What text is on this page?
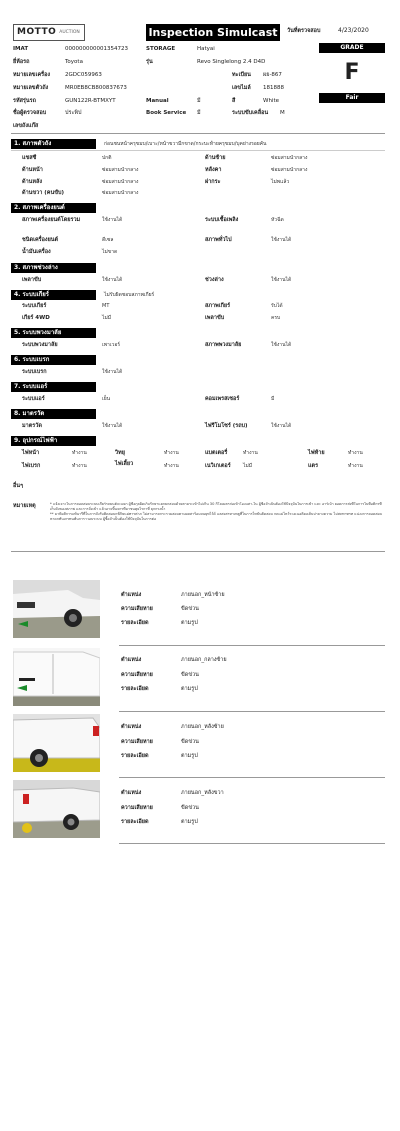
MOTTO AUCTION	Inspection Simulcast	วันที่ตรวจสอบ	4/23/2020
GRADE
F
Fair
IMAT	000000000001354723	STORAGE	Hatyai
ยี่ห้อรถ	Toyota	รุ่น	Revo Singlelong 2.4 D4D
หมายเลขเครื่อง	2GDC059963	ทะเบียน ผย-867
หมายเลขตัวถัง	MR0EB8CB800837673	เลขไมล์ 181888
รหัสรุ่นรถ	GUN122R-BTMXYT	Manual	มี	สี	White
ชื่อผู้ตรวจสอบ	ประพิป	Book Service มี	ระบบขับเคลื่อน M
เลขถังแก๊ส
1. สภาพตัวถัง	ก่อนชนหน้าครุขมบ/เบาะ/หน้าขวามีกขาด/กระบะท้ายครุขมบ/บุคย่างรอยคัน
แชสซี	ปกติ	ด้านซ้าย	ซ่อมสามนำกลาง
ด้านหน้า	ซ่อมสามนำกลาง	หลังคา	ซ่อมสามนำกลาง
ด้านหลัง	ซ่อมสามนำกลาง	ฝากระ	ไม่พแล้ว
ด้านขวา (คนขับ)	ซ่อมสามนำกลาง
2. สภาพเครื่องยนต์
สภาพเครื่องยนต์โดยรวม	ใช้งานได้	ระบบเชื้อเพลิง	หัวฉีด
ชนิดเครื่องยนต์	ดีเซล	สภาพทั่วไป	ใช้งานได้
น้ำมันเครื่อง	ไม่ขาด
3. สภาพช่วงล่าง
เพลาขับ	ใช้งานได้	ช่วงล่าง	ใช้งานได้
4. ระบบเกียร์	ไม่รับผิดชอบสภาพเกียร์
ระบบเกียร์	MT	สภาพเกียร์	รับได้
เกียร์ 4WD	ไม่มี	เพลาขับ	ครบ
5. ระบบพวงมาลัย
ระบบพวงมาลัย	เพาเวอร์	สภาพพวงมาลัย	ใช้งานได้
6. ระบบเบรก
ระบบเบรก	ใช้งานได้
7. ระบบแอร์
ระบบแอร์	เย็น	คอมเพรสเซอร์	มี
8. มาตรวัด
มาตรวัด	ใช้งานได้	ไฟรีโมโซร์ (รถบ)	ใช้งานได้
9. อุปกรณ์ไฟฟ้า
ไฟหน้า	ทำงาน	วิทยุ	ทำงาน	แบตเตอรี่	ทำงาน	ไฟท้าย	ทำงาน
ไฟเบรก	ทำงาน	ไฟเลี้ยว	ทำงาน	เนวิเกเตอร์ ไม่มี	แตร	ทำงาน
อื่นๆ
หมายเหตุ	* แจ้งเจาะในการถอดสอบระบบเกียร์รถยนต์จะแยก ผู้ซื้อกุลผิดเก็บรักษาแยกยกสอบด้วยตามระเข้าไม่เกิน 30 กิโลเมตรก่อเข้าโองแสา-ใน ผู้ซื้อจำเป็นต้องใช้ปัจจุบันในการเข้า และ อาร์เบ้า ยอดการส่งที่ในการในทีอติกรทีเก็บจังของสภาพ และการจั่งเข้า แล้วอาจขี้นจกรทีมาชนคุยไรกาที่ ยุกกรงน้ำ
** มาพิอสิการแท้นารีที่ในการจังรับติดสอบกฟ้กิษแผ่ทารต่าภ ไม่สามารถกระรวมสอบตามผลสาร้อมจนยุทไว้ด้ แลสงสรหาเหตูที่ในการใหขันติดสอบ กดแม่ไหว้ระอเนอติยงเส้นปาลางความ ไม่สถทาทรท แน่งงการถอดสอบหาดกทันเกรทนพ้นการาวอบระบบ ผู้ซื้อจำเป็นต้องใช้ปัจจุบันในการต่อ
ตำแหน่ง	ภายนอก_หน้าซ้าย
ความเสียหาย	ขีดข่วน
รายละเอียด	ตามรูป
ตำแหน่ง	ภายนอก_กลางซ้าย
ความเสียหาย	ขีดข่วน
รายละเอียด	ตามรูป
ตำแหน่ง	ภายนอก_หลังซ้าย
ความเสียหาย	ขีดข่วน
รายละเอียด	ตามรูป
ตำแหน่ง	ภายนอก_หลังขวา
ความเสียหาย	ขีดข่วน
รายละเอียด	ตามรูป
